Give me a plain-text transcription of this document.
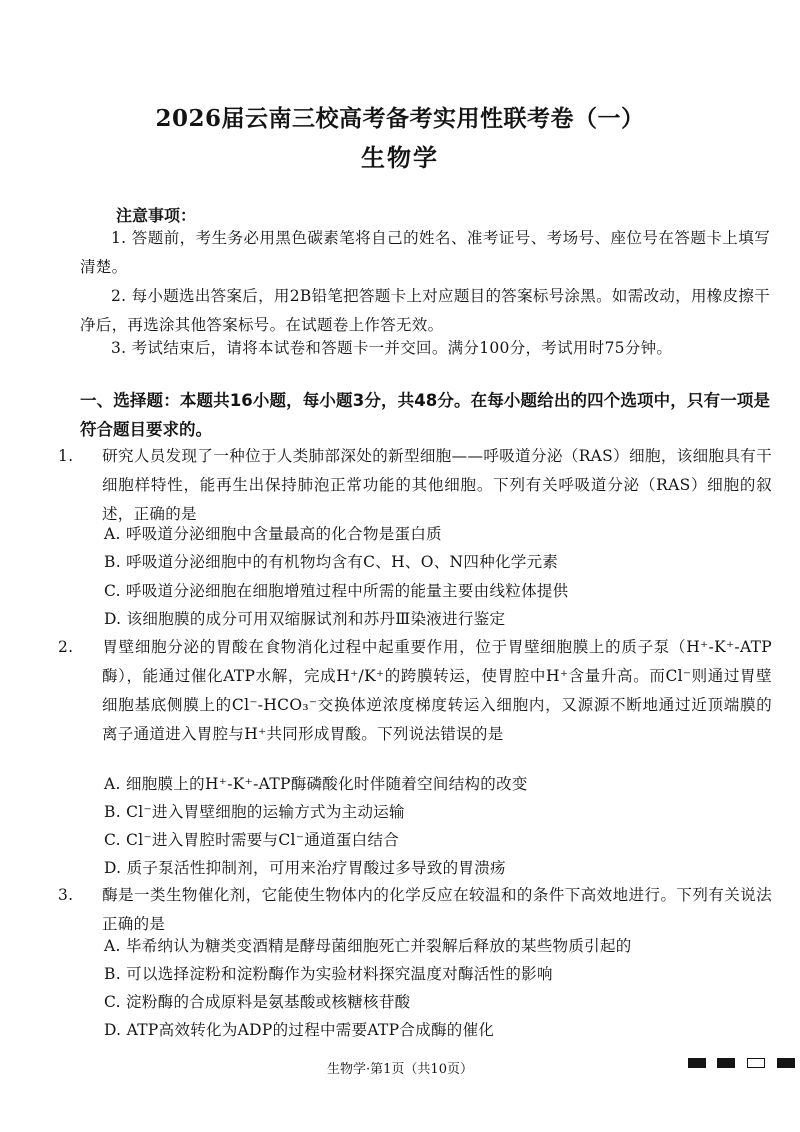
2026届云南三校高考备考实用性联考卷（一）
生物学
注意事项：
1. 答题前，考生务必用黑色碳素笔将自己的姓名、准考证号、考场号、座位号在答题卡上填写清楚。
2. 每小题选出答案后，用2B铅笔把答题卡上对应题目的答案标号涂黑。如需改动，用橡皮擦干净后，再选涂其他答案标号。在试题卷上作答无效。
3. 考试结束后，请将本试卷和答题卡一并交回。满分100分，考试用时75分钟。
一、选择题：本题共16小题，每小题3分，共48分。在每小题给出的四个选项中，只有一项是符合题目要求的。
1. 研究人员发现了一种位于人类肺部深处的新型细胞——呼吸道分泌（RAS）细胞，该细胞具有干细胞样特性，能再生出保持肺泡正常功能的其他细胞。下列有关呼吸道分泌（RAS）细胞的叙述，正确的是
A. 呼吸道分泌细胞中含量最高的化合物是蛋白质
B. 呼吸道分泌细胞中的有机物均含有C、H、O、N四种化学元素
C. 呼吸道分泌细胞在细胞增殖过程中所需的能量主要由线粒体提供
D. 该细胞膜的成分可用双缩脲试剂和苏丹Ⅲ染液进行鉴定
2. 胃壁细胞分泌的胃酸在食物消化过程中起重要作用，位于胃壁细胞膜上的质子泵（H⁺-K⁺-ATP酶），能通过催化ATP水解，完成H⁺/K⁺的跨膜转运，使胃腔中H⁺含量升高。而Cl⁻则通过胃壁细胞基底侧膜上的Cl⁻-HCO₃⁻交换体逆浓度梯度转运入细胞内，又源源不断地通过近顶端膜的离子通道进入胃腔与H⁺共同形成胃酸。下列说法错误的是
A. 细胞膜上的H⁺-K⁺-ATP酶磷酸化时伴随着空间结构的改变
B. Cl⁻进入胃壁细胞的运输方式为主动运输
C. Cl⁻进入胃腔时需要与Cl⁻通道蛋白结合
D. 质子泵活性抑制剂，可用来治疗胃酸过多导致的胃溃疡
3. 酶是一类生物催化剂，它能使生物体内的化学反应在较温和的条件下高效地进行。下列有关说法正确的是
A. 毕希纳认为糖类变酒精是酵母菌细胞死亡并裂解后释放的某些物质引起的
B. 可以选择淀粉和淀粉酶作为实验材料探究温度对酶活性的影响
C. 淀粉酶的合成原料是氨基酸或核糖核苷酸
D. ATP高效转化为ADP的过程中需要ATP合成酶的催化
生物学·第1页（共10页）
